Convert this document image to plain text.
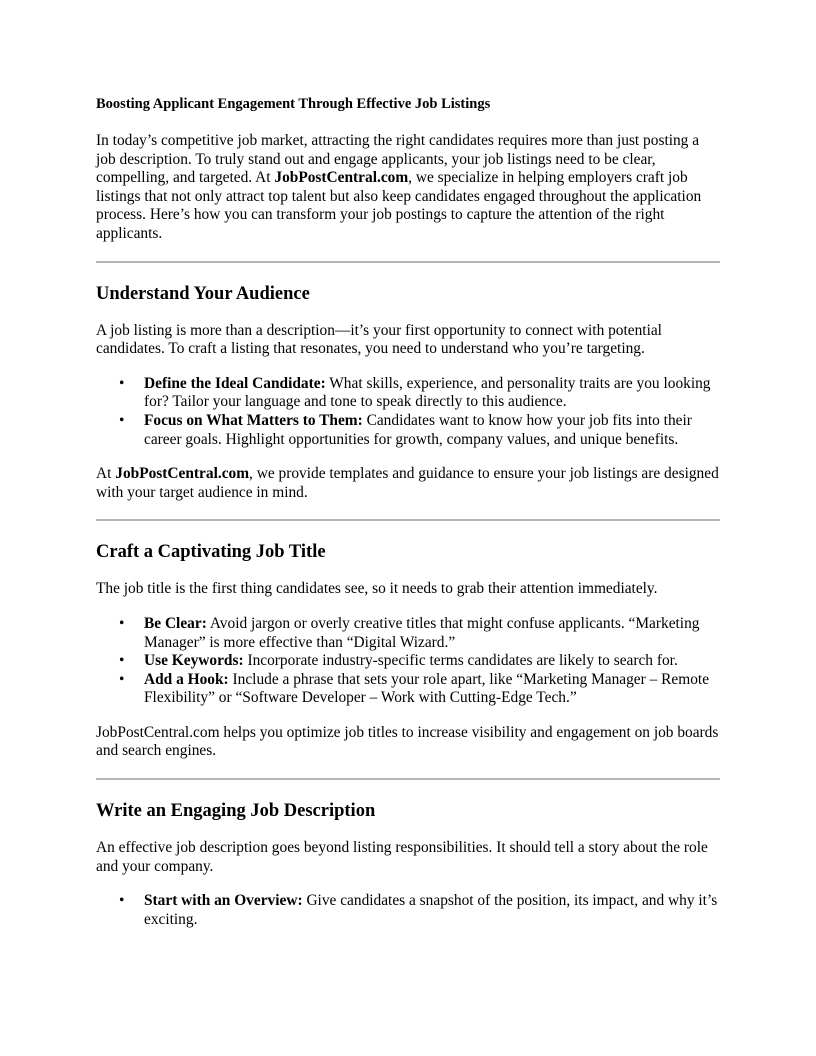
Boosting Applicant Engagement Through Effective Job Listings

In today’s competitive job market, attracting the right candidates requires more than just posting a job description. To truly stand out and engage applicants, your job listings need to be clear, compelling, and targeted. At JobPostCentral.com, we specialize in helping employers craft job listings that not only attract top talent but also keep candidates engaged throughout the application process. Here’s how you can transform your job postings to capture the attention of the right applicants.

Understand Your Audience

A job listing is more than a description—it’s your first opportunity to connect with potential candidates. To craft a listing that resonates, you need to understand who you’re targeting.

• Define the Ideal Candidate: What skills, experience, and personality traits are you looking for? Tailor your language and tone to speak directly to this audience.
• Focus on What Matters to Them: Candidates want to know how your job fits into their career goals. Highlight opportunities for growth, company values, and unique benefits.

At JobPostCentral.com, we provide templates and guidance to ensure your job listings are designed with your target audience in mind.

Craft a Captivating Job Title

The job title is the first thing candidates see, so it needs to grab their attention immediately.

• Be Clear: Avoid jargon or overly creative titles that might confuse applicants. “Marketing Manager” is more effective than “Digital Wizard.”
• Use Keywords: Incorporate industry-specific terms candidates are likely to search for.
• Add a Hook: Include a phrase that sets your role apart, like “Marketing Manager – Remote Flexibility” or “Software Developer – Work with Cutting-Edge Tech.”

JobPostCentral.com helps you optimize job titles to increase visibility and engagement on job boards and search engines.

Write an Engaging Job Description

An effective job description goes beyond listing responsibilities. It should tell a story about the role and your company.

• Start with an Overview: Give candidates a snapshot of the position, its impact, and why it’s exciting.
